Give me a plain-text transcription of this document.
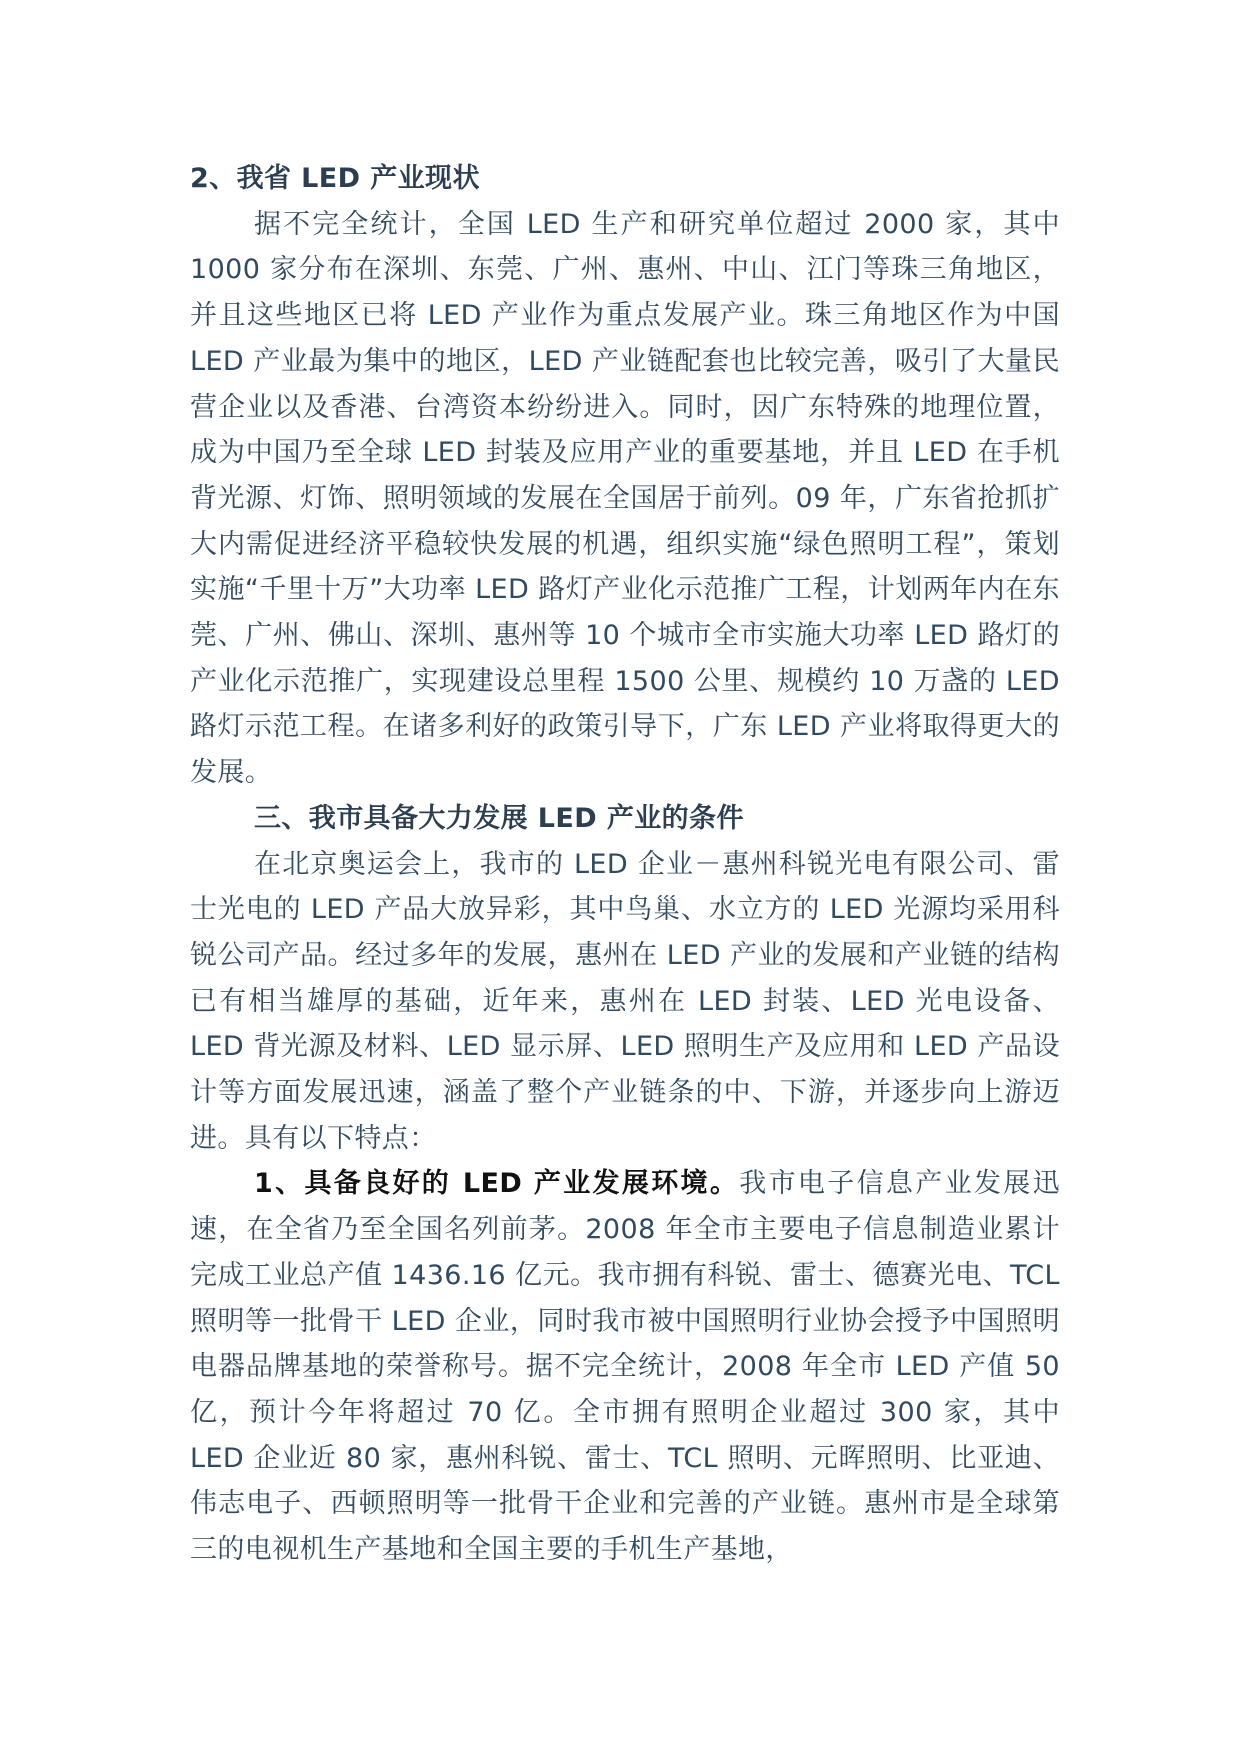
2、我省 LED 产业现状

据不完全统计，全国 LED 生产和研究单位超过 2000 家，其中 1000 家分布在深圳、东莞、广州、惠州、中山、江门等珠三角地区，并且这些地区已将 LED 产业作为重点发展产业。珠三角地区作为中国 LED 产业最为集中的地区，LED 产业链配套也比较完善，吸引了大量民营企业以及香港、台湾资本纷纷进入。同时，因广东特殊的地理位置，成为中国乃至全球 LED 封装及应用产业的重要基地，并且 LED 在手机背光源、灯饰、照明领域的发展在全国居于前列。09 年，广东省抢抓扩大内需促进经济平稳较快发展的机遇，组织实施“绿色照明工程”，策划实施“千里十万”大功率 LED 路灯产业化示范推广工程，计划两年内在东莞、广州、佛山、深圳、惠州等 10 个城市全市实施大功率 LED 路灯的产业化示范推广，实现建设总里程 1500 公里、规模约 10 万盏的 LED 路灯示范工程。在诸多利好的政策引导下，广东 LED 产业将取得更大的发展。

三、我市具备大力发展 LED 产业的条件

在北京奥运会上，我市的 LED 企业－惠州科锐光电有限公司、雷士光电的 LED 产品大放异彩，其中鸟巢、水立方的 LED 光源均采用科锐公司产品。经过多年的发展，惠州在 LED 产业的发展和产业链的结构已有相当雄厚的基础，近年来，惠州在 LED 封装、LED 光电设备、LED 背光源及材料、LED 显示屏、LED 照明生产及应用和 LED 产品设计等方面发展迅速，涵盖了整个产业链条的中、下游，并逐步向上游迈进。具有以下特点：

1、具备良好的 LED 产业发展环境。我市电子信息产业发展迅速，在全省乃至全国名列前茅。2008 年全市主要电子信息制造业累计完成工业总产值 1436.16 亿元。我市拥有科锐、雷士、德赛光电、TCL 照明等一批骨干 LED 企业，同时我市被中国照明行业协会授予中国照明电器品牌基地的荣誉称号。据不完全统计，2008 年全市 LED 产值 50 亿，预计今年将超过 70 亿。全市拥有照明企业超过 300 家，其中 LED 企业近 80 家，惠州科锐、雷士、TCL 照明、元晖照明、比亚迪、伟志电子、西顿照明等一批骨干企业和完善的产业链。惠州市是全球第三的电视机生产基地和全国主要的手机生产基地，
